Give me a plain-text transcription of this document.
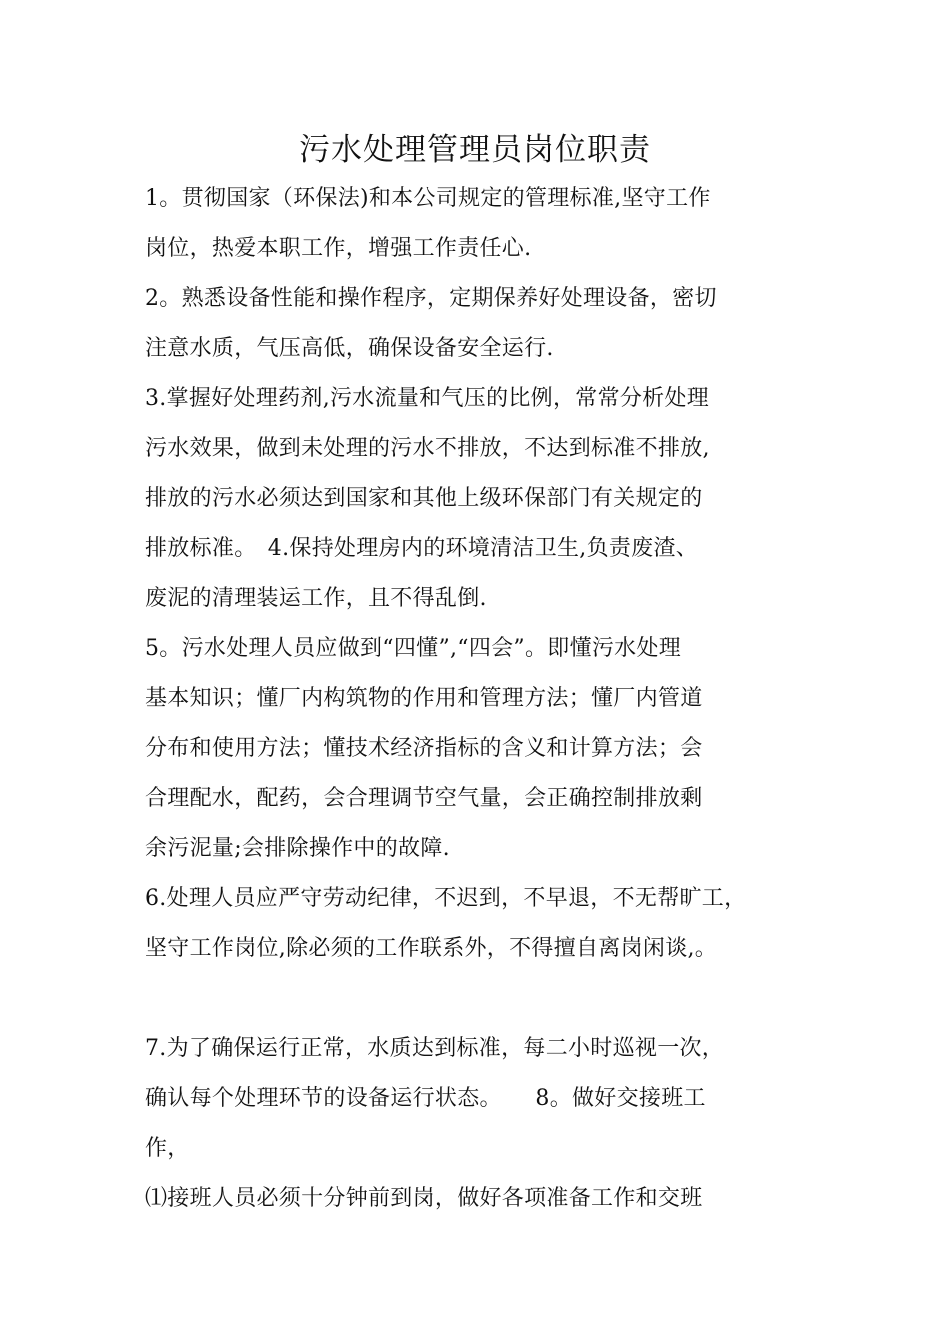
污水处理管理员岗位职责
1。贯彻国家（环保法)和本公司规定的管理标准,坚守工作
岗位，热爱本职工作，增强工作责任心.
2。熟悉设备性能和操作程序，定期保养好处理设备，密切
注意水质，气压高低，确保设备安全运行.
3.掌握好处理药剂,污水流量和气压的比例，常常分析处理
污水效果，做到未处理的污水不排放，不达到标准不排放,
排放的污水必须达到国家和其他上级环保部门有关规定的
排放标准。　4.保持处理房内的环境清洁卫生,负责废渣、
废泥的清理装运工作，且不得乱倒.
5。污水处理人员应做到“四懂”,“四会”。即懂污水处理
基本知识；懂厂内构筑物的作用和管理方法；懂厂内管道
分布和使用方法；懂技术经济指标的含义和计算方法；会
合理配水，配药，会合理调节空气量，会正确控制排放剩
余污泥量;会排除操作中的故障.
6.处理人员应严守劳动纪律，不迟到，不早退，不无帮旷工，
坚守工作岗位,除必须的工作联系外，不得擅自离岗闲谈,。
7.为了确保运行正常，水质达到标准，每二小时巡视一次，
确认每个处理环节的设备运行状态。　　8。做好交接班工
作，
⑴接班人员必须十分钟前到岗，做好各项准备工作和交班
